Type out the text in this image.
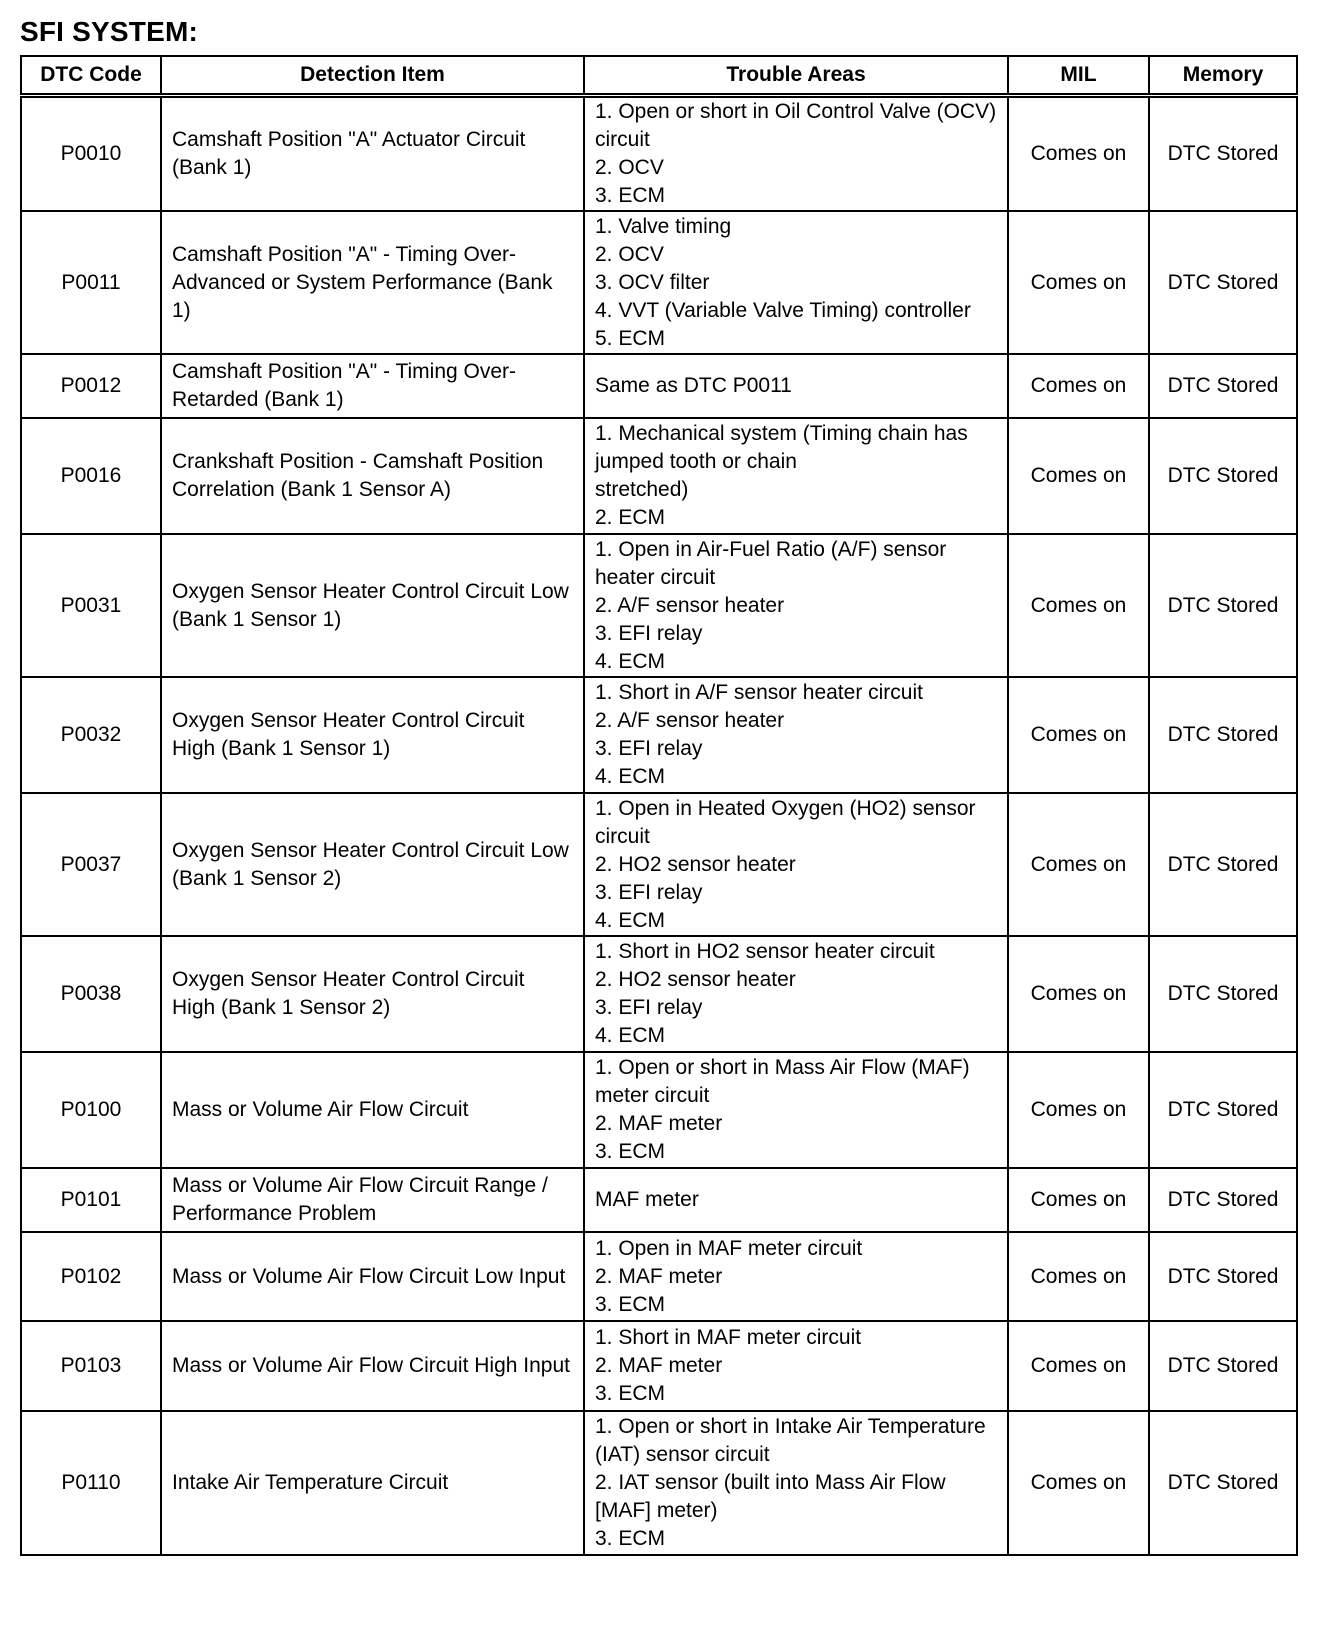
SFI SYSTEM:
DTC Code	Detection Item	Trouble Areas	MIL	Memory
P0010	Camshaft Position "A" Actuator Circuit (Bank 1)	1. Open or short in Oil Control Valve (OCV) circuit
2. OCV
3. ECM	Comes on	DTC Stored
P0011	Camshaft Position "A" - Timing Over-Advanced or System Performance (Bank 1)	1. Valve timing
2. OCV
3. OCV filter
4. VVT (Variable Valve Timing) controller
5. ECM	Comes on	DTC Stored
P0012	Camshaft Position "A" - Timing Over-Retarded (Bank 1)	Same as DTC P0011	Comes on	DTC Stored
P0016	Crankshaft Position - Camshaft Position Correlation (Bank 1 Sensor A)	1. Mechanical system (Timing chain has jumped tooth or chain
stretched)
2. ECM	Comes on	DTC Stored
P0031	Oxygen Sensor Heater Control Circuit Low (Bank 1 Sensor 1)	1. Open in Air-Fuel Ratio (A/F) sensor heater circuit
2. A/F sensor heater
3. EFI relay
4. ECM	Comes on	DTC Stored
P0032	Oxygen Sensor Heater Control Circuit High (Bank 1 Sensor 1)	1. Short in A/F sensor heater circuit
2. A/F sensor heater
3. EFI relay
4. ECM	Comes on	DTC Stored
P0037	Oxygen Sensor Heater Control Circuit Low (Bank 1 Sensor 2)	1. Open in Heated Oxygen (HO2) sensor circuit
2. HO2 sensor heater
3. EFI relay
4. ECM	Comes on	DTC Stored
P0038	Oxygen Sensor Heater Control Circuit High (Bank 1 Sensor 2)	1. Short in HO2 sensor heater circuit
2. HO2 sensor heater
3. EFI relay
4. ECM	Comes on	DTC Stored
P0100	Mass or Volume Air Flow Circuit	1. Open or short in Mass Air Flow (MAF) meter circuit
2. MAF meter
3. ECM	Comes on	DTC Stored
P0101	Mass or Volume Air Flow Circuit Range / Performance Problem	MAF meter	Comes on	DTC Stored
P0102	Mass or Volume Air Flow Circuit Low Input	1. Open in MAF meter circuit
2. MAF meter
3. ECM	Comes on	DTC Stored
P0103	Mass or Volume Air Flow Circuit High Input	1. Short in MAF meter circuit
2. MAF meter
3. ECM	Comes on	DTC Stored
P0110	Intake Air Temperature Circuit	1. Open or short in Intake Air Temperature (IAT) sensor circuit
2. IAT sensor (built into Mass Air Flow [MAF] meter)
3. ECM	Comes on	DTC Stored
